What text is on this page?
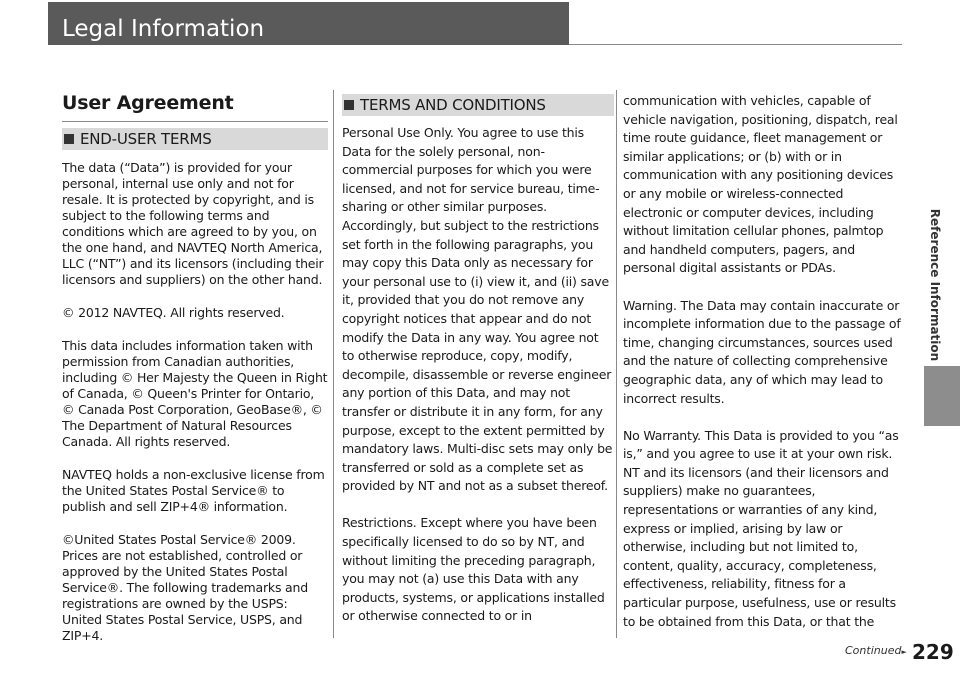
Legal Information
Reference Information
User Agreement
END-USER TERMS

The data (“Data”) is provided for your personal, internal use only and not for resale. It is protected by copyright, and is subject to the following terms and conditions which are agreed to by you, on the one hand, and NAVTEQ North America, LLC (“NT”) and its licensors (including their licensors and suppliers) on the other hand.

© 2012 NAVTEQ. All rights reserved.

This data includes information taken with permission from Canadian authorities, including © Her Majesty the Queen in Right of Canada, © Queen's Printer for Ontario, © Canada Post Corporation, GeoBase®, © The Department of Natural Resources Canada. All rights reserved.

NAVTEQ holds a non-exclusive license from the United States Postal Service® to publish and sell ZIP+4® information.

©United States Postal Service® 2009. Prices are not established, controlled or approved by the United States Postal Service®. The following trademarks and registrations are owned by the USPS: United States Postal Service, USPS, and ZIP+4.

TERMS AND CONDITIONS

Personal Use Only. You agree to use this Data for the solely personal, non-commercial purposes for which you were licensed, and not for service bureau, time-sharing or other similar purposes. Accordingly, but subject to the restrictions set forth in the following paragraphs, you may copy this Data only as necessary for your personal use to (i) view it, and (ii) save it, provided that you do not remove any copyright notices that appear and do not modify the Data in any way. You agree not to otherwise reproduce, copy, modify, decompile, disassemble or reverse engineer any portion of this Data, and may not transfer or distribute it in any form, for any purpose, except to the extent permitted by mandatory laws. Multi-disc sets may only be transferred or sold as a complete set as provided by NT and not as a subset thereof.

Restrictions. Except where you have been specifically licensed to do so by NT, and without limiting the preceding paragraph, you may not (a) use this Data with any products, systems, or applications installed or otherwise connected to or in

communication with vehicles, capable of vehicle navigation, positioning, dispatch, real time route guidance, fleet management or similar applications; or (b) with or in communication with any positioning devices or any mobile or wireless-connected electronic or computer devices, including without limitation cellular phones, palmtop and handheld computers, pagers, and personal digital assistants or PDAs.

Warning. The Data may contain inaccurate or incomplete information due to the passage of time, changing circumstances, sources used and the nature of collecting comprehensive geographic data, any of which may lead to incorrect results.

No Warranty. This Data is provided to you “as is,” and you agree to use it at your own risk. NT and its licensors (and their licensors and suppliers) make no guarantees, representations or warranties of any kind, express or implied, arising by law or otherwise, including but not limited to, content, quality, accuracy, completeness, effectiveness, reliability, fitness for a particular purpose, usefulness, use or results to be obtained from this Data, or that the

Continued► 229
